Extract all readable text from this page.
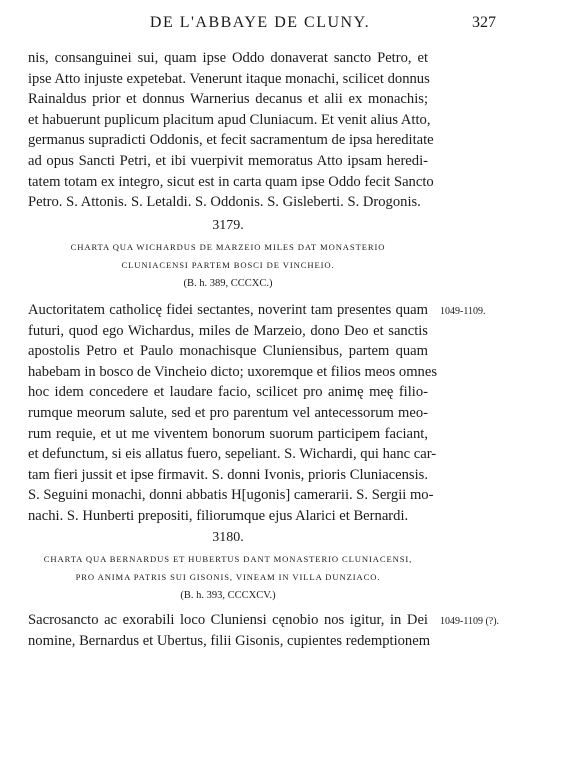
DE L'ABBAYE DE CLUNY.	327
nis, consanguinei sui, quam ipse Oddo donaverat sancto Petro, et
ipse Atto injuste expetebat. Venerunt itaque monachi, scilicet donnus
Rainaldus prior et donnus Warnerius decanus et alii ex monachis;
et habuerunt puplicum placitum apud Cluniacum. Et venit alius Atto,
germanus supradicti Oddonis, et fecit sacramentum de ipsa hereditate
ad opus Sancti Petri, et ibi vuerpivit memoratus Atto ipsam heredi-
tatem totam ex integro, sicut est in carta quam ipse Oddo fecit Sancto
Petro. S. Attonis. S. Letaldi. S. Oddonis. S. Gisleberti. S. Drogonis.
3179.
CHARTA QUA WICHARDUS DE MARZEIO MILES DAT MONASTERIO
CLUNIACENSI PARTEM BOSCI DE VINCHEIO.
(B. h. 389, CCCXC.)
1049-1109.
Auctoritatem catholicę fidei sectantes, noverint tam presentes quam
futuri, quod ego Wichardus, miles de Marzeio, dono Deo et sanctis
apostolis Petro et Paulo monachisque Cluniensibus, partem quam
habebam in bosco de Vincheio dicto; uxoremque et filios meos omnes
hoc idem concedere et laudare facio, scilicet pro animę meę filio-
rumque meorum salute, sed et pro parentum vel antecessorum meo-
rum requie, et ut me viventem bonorum suorum participem faciant,
et defunctum, si eis allatus fuero, sepeliant. S. Wichardi, qui hanc car-
tam fieri jussit et ipse firmavit. S. donni Ivonis, prioris Cluniacensis.
S. Seguini monachi, donni abbatis H[ugonis] camerarii. S. Sergii mo-
nachi. S. Hunberti prepositi, filiorumque ejus Alarici et Bernardi.
3180.
CHARTA QUA BERNARDUS ET HUBERTUS DANT MONASTERIO CLUNIACENSI,
PRO ANIMA PATRIS SUI GISONIS, VINEAM IN VILLA DUNZIACO.
(B. h. 393, CCCXCV.)
1049-1109 (?).
Sacrosancto ac exorabili loco Cluniensi cęnobio nos igitur, in Dei
nomine, Bernardus et Ubertus, filii Gisonis, cupientes redemptionem
